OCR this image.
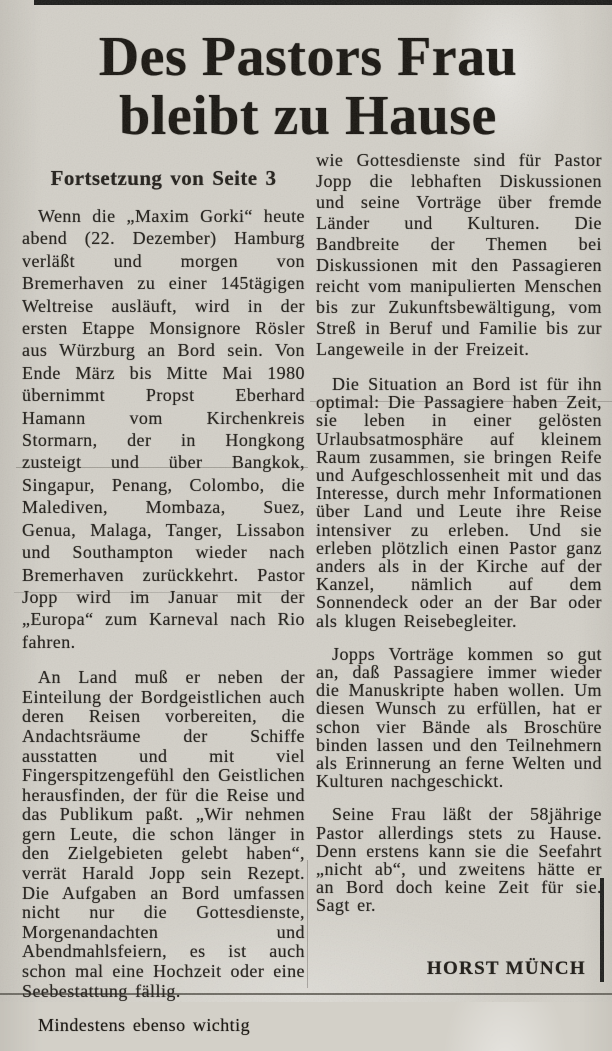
Des Pastors Frau
bleibt zu Hause
Fortsetzung von Seite 3

Wenn die „Maxim Gorki“ heute abend (22. Dezember) Hamburg verläßt und morgen von Bremerhaven zu einer 145tägigen Weltreise ausläuft, wird in der ersten Etappe Monsignore Rösler aus Würzburg an Bord sein. Von Ende März bis Mitte Mai 1980 übernimmt Propst Eberhard Hamann vom Kirchenkreis Stormarn, der in Hongkong zusteigt und über Bangkok, Singapur, Penang, Colombo, die Malediven, Mombaza, Suez, Genua, Malaga, Tanger, Lissabon und Southampton wieder nach Bremerhaven zurückkehrt. Pastor Jopp wird im Januar mit der „Europa“ zum Karneval nach Rio fahren.

An Land muß er neben der Einteilung der Bordgeistlichen auch deren Reisen vorbereiten, die Andachtsräume der Schiffe ausstatten und mit viel Fingerspitzengefühl den Geistlichen herausfinden, der für die Reise und das Publikum paßt. „Wir nehmen gern Leute, die schon länger in den Zielgebieten gelebt haben“, verrät Harald Jopp sein Rezept. Die Aufgaben an Bord umfassen nicht nur die Gottesdienste, Morgenandachten und Abendmahlsfeiern, es ist auch schon mal eine Hochzeit oder eine Seebestattung fällig.

Mindestens ebenso wichtig

wie Gottesdienste sind für Pastor Jopp die lebhaften Diskussionen und seine Vorträge über fremde Länder und Kulturen. Die Bandbreite der Themen bei Diskussionen mit den Passagieren reicht vom manipulierten Menschen bis zur Zukunftsbewältigung, vom Streß in Beruf und Familie bis zur Langeweile in der Freizeit.

Die Situation an Bord ist für ihn optimal: Die Passagiere haben Zeit, sie leben in einer gelösten Urlaubsatmosphäre auf kleinem Raum zusammen, sie bringen Reife und Aufgeschlossenheit mit und das Interesse, durch mehr Informationen über Land und Leute ihre Reise intensiver zu erleben. Und sie erleben plötzlich einen Pastor ganz anders als in der Kirche auf der Kanzel, nämlich auf dem Sonnendeck oder an der Bar oder als klugen Reisebegleiter.

Jopps Vorträge kommen so gut an, daß Passagiere immer wieder die Manuskripte haben wollen. Um diesen Wunsch zu erfüllen, hat er schon vier Bände als Broschüre binden lassen und den Teilnehmern als Erinnerung an ferne Welten und Kulturen nachgeschickt.

Seine Frau läßt der 58jährige Pastor allerdings stets zu Hause. Denn erstens kann sie die Seefahrt „nicht ab“, und zweitens hätte er an Bord doch keine Zeit für sie. Sagt er.

HORST MÜNCH
